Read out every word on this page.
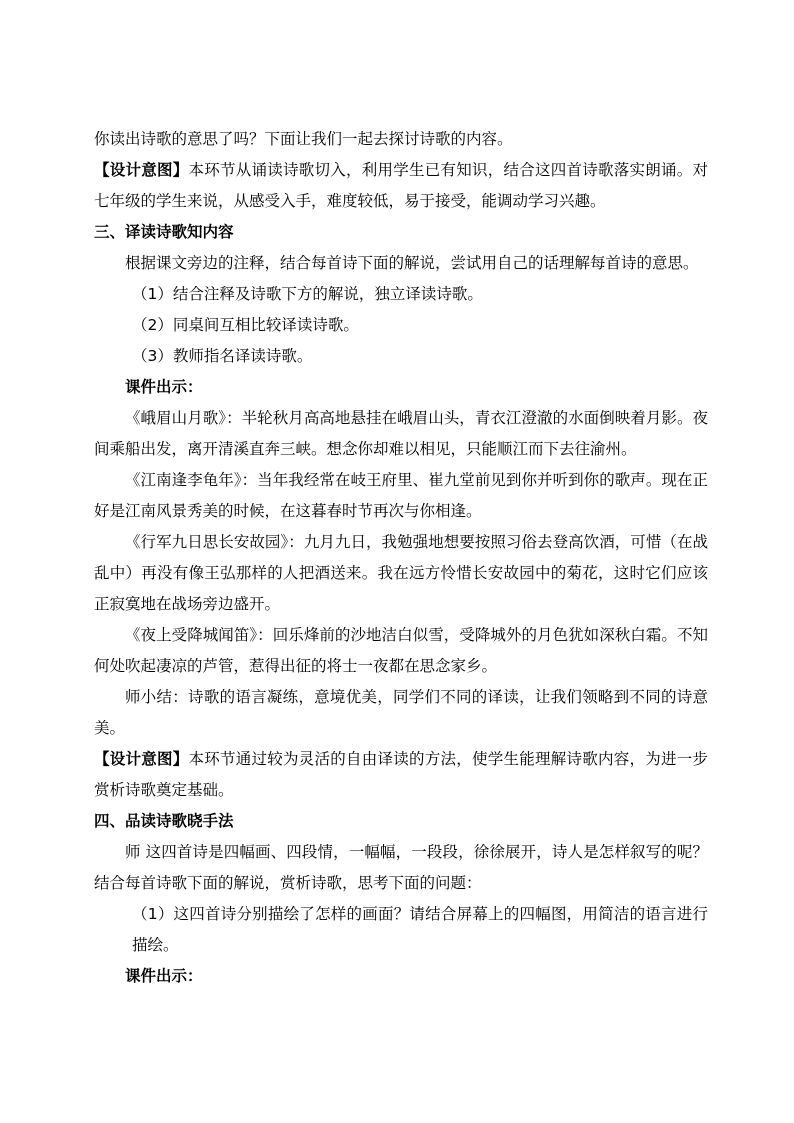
你读出诗歌的意思了吗？下面让我们一起去探讨诗歌的内容。

【设计意图】本环节从诵读诗歌切入，利用学生已有知识，结合这四首诗歌落实朗诵。对七年级的学生来说，从感受入手，难度较低，易于接受，能调动学习兴趣。

三、译读诗歌知内容

根据课文旁边的注释，结合每首诗下面的解说，尝试用自己的话理解每首诗的意思。

（1）结合注释及诗歌下方的解说，独立译读诗歌。

（2）同桌间互相比较译读诗歌。

（3）教师指名译读诗歌。

课件出示：

《峨眉山月歌》：半轮秋月高高地悬挂在峨眉山头，青衣江澄澈的水面倒映着月影。夜间乘船出发，离开清溪直奔三峡。想念你却难以相见，只能顺江而下去往渝州。

《江南逢李龟年》：当年我经常在岐王府里、崔九堂前见到你并听到你的歌声。现在正好是江南风景秀美的时候，在这暮春时节再次与你相逢。

《行军九日思长安故园》：九月九日，我勉强地想要按照习俗去登高饮酒，可惜（在战乱中）再没有像王弘那样的人把酒送来。我在远方怜惜长安故园中的菊花，这时它们应该正寂寞地在战场旁边盛开。

《夜上受降城闻笛》：回乐烽前的沙地洁白似雪，受降城外的月色犹如深秋白霜。不知何处吹起凄凉的芦管，惹得出征的将士一夜都在思念家乡。

师小结：诗歌的语言凝练，意境优美，同学们不同的译读，让我们领略到不同的诗意美。

【设计意图】本环节通过较为灵活的自由译读的方法，使学生能理解诗歌内容，为进一步赏析诗歌奠定基础。

四、品读诗歌晓手法

师 这四首诗是四幅画、四段情，一幅幅，一段段，徐徐展开，诗人是怎样叙写的呢？结合每首诗歌下面的解说，赏析诗歌，思考下面的问题：

（1）这四首诗分别描绘了怎样的画面？请结合屏幕上的四幅图，用简洁的语言进行描绘。

课件出示：
